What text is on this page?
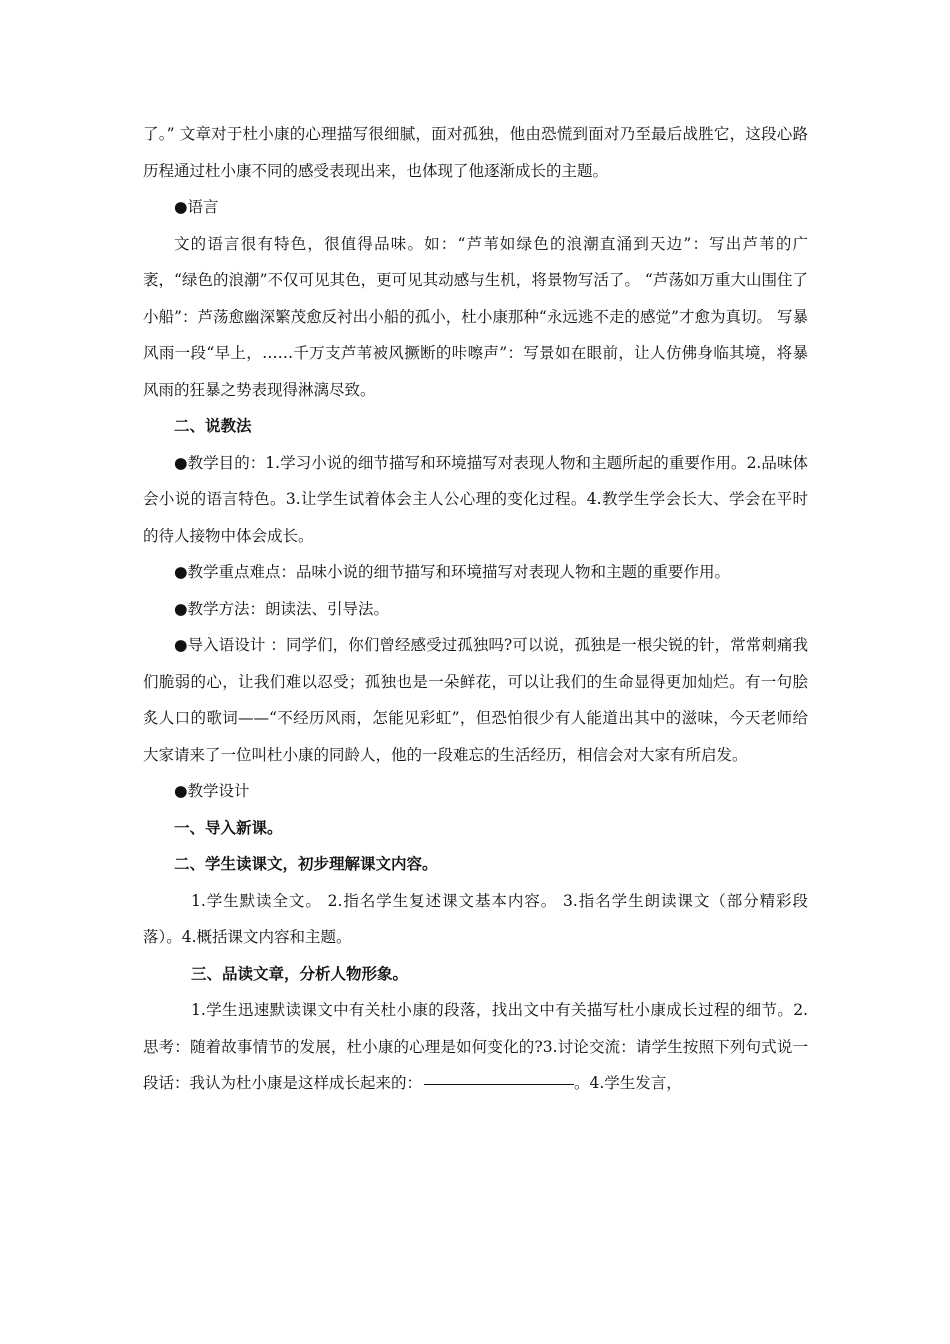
了。” 文章对于杜小康的心理描写很细腻，面对孤独，他由恐慌到面对乃至最后战胜它，这段心路历程通过杜小康不同的感受表现出来，也体现了他逐渐成长的主题。

●语言

文的语言很有特色，很值得品味。如：“芦苇如绿色的浪潮直涌到天边”：写出芦苇的广袤，“绿色的浪潮”不仅可见其色，更可见其动感与生机，将景物写活了。 “芦荡如万重大山围住了小船”：芦荡愈幽深繁茂愈反衬出小船的孤小，杜小康那种“永远逃不走的感觉”才愈为真切。 写暴风雨一段“早上，……千万支芦苇被风撅断的咔嚓声”：写景如在眼前，让人仿佛身临其境，将暴风雨的狂暴之势表现得淋漓尽致。

二、说教法

●教学目的：1.学习小说的细节描写和环境描写对表现人物和主题所起的重要作用。2.品味体会小说的语言特色。3.让学生试着体会主人公心理的变化过程。4.教学生学会长大、学会在平时的待人接物中体会成长。

●教学重点难点：品味小说的细节描写和环境描写对表现人物和主题的重要作用。

●教学方法：朗读法、引导法。

●导入语设计 ：同学们，你们曾经感受过孤独吗?可以说，孤独是一根尖锐的针，常常刺痛我们脆弱的心，让我们难以忍受；孤独也是一朵鲜花，可以让我们的生命显得更加灿烂。有一句脍炙人口的歌词——“不经历风雨，怎能见彩虹”，但恐怕很少有人能道出其中的滋味，今天老师给大家请来了一位叫杜小康的同龄人，他的一段难忘的生活经历，相信会对大家有所启发。

●教学设计

一、导入新课。

二、学生读课文，初步理解课文内容。

1.学生默读全文。 2.指名学生复述课文基本内容。 3.指名学生朗读课文（部分精彩段落）。4.概括课文内容和主题。

三、品读文章，分析人物形象。

1.学生迅速默读课文中有关杜小康的段落，找出文中有关描写杜小康成长过程的细节。2.思考：随着故事情节的发展，杜小康的心理是如何变化的?3.讨论交流：请学生按照下列句式说一段话：我认为杜小康是这样成长起来的：	。4.学生发言，
